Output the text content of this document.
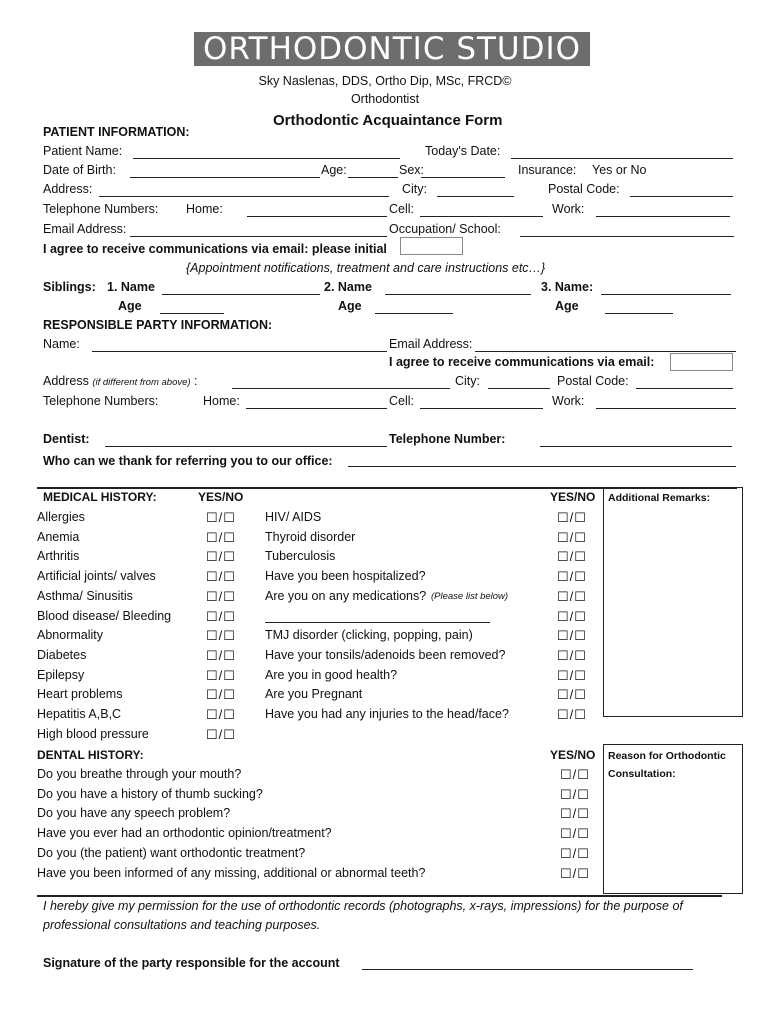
ORTHODONTIC STUDIO
Sky Naslenas, DDS, Ortho Dip, MSc, FRCD©
Orthodontist
Orthodontic Acquaintance Form
PATIENT INFORMATION:
Patient Name:	Today's Date:
Date of Birth:	Age:	Sex:	Insurance: Yes or No
Address:	City:	Postal Code:
Telephone Numbers: Home:	Cell:	Work:
Email Address:	Occupation/ School:
I agree to receive communications via email: please initial
{Appointment notifications, treatment and care instructions etc…}
Siblings: 1. Name	2. Name	3. Name:
Age	Age	Age
RESPONSIBLE PARTY INFORMATION:
Name:	Email Address:
I agree to receive communications via email:
Address (if different from above) :	City:	Postal Code:
Telephone Numbers:	Home:	Cell:	Work:
Dentist:	Telephone Number:
Who can we thank for referring you to our office:
MEDICAL HISTORY:	YES/NO	YES/NO Additional Remarks:
Allergies	☐/☐
Anemia	☐/☐
Arthritis	☐/☐
Artificial joints/ valves	☐/☐
Asthma/ Sinusitis	☐/☐
Blood disease/ Bleeding	☐/☐
Abnormality	☐/☐
Diabetes	☐/☐
Epilepsy	☐/☐
Heart problems	☐/☐
Hepatitis A,B,C	☐/☐
High blood pressure	☐/☐
HIV/ AIDS	☐/☐
Thyroid disorder	☐/☐
Tuberculosis	☐/☐
Have you been hospitalized?	☐/☐
Are you on any medications? (Please list below)	☐/☐
☐/☐
TMJ disorder (clicking, popping, pain)	☐/☐
Have your tonsils/adenoids been removed?	☐/☐
Are you in good health?	☐/☐
Are you Pregnant	☐/☐
Have you had any injuries to the head/face?	☐/☐
DENTAL HISTORY:	YES/NO Reason for Orthodontic
Consultation:
Do you breathe through your mouth?	☐/☐
Do you have a history of thumb sucking?	☐/☐
Do you have any speech problem?	☐/☐
Have you ever had an orthodontic opinion/treatment?	☐/☐
Do you (the patient) want orthodontic treatment?	☐/☐
Have you been informed of any missing, additional or abnormal teeth?	☐/☐
I hereby give my permission for the use of orthodontic records (photographs, x-rays, impressions) for the purpose of
professional consultations and teaching purposes.
Signature of the party responsible for the account
